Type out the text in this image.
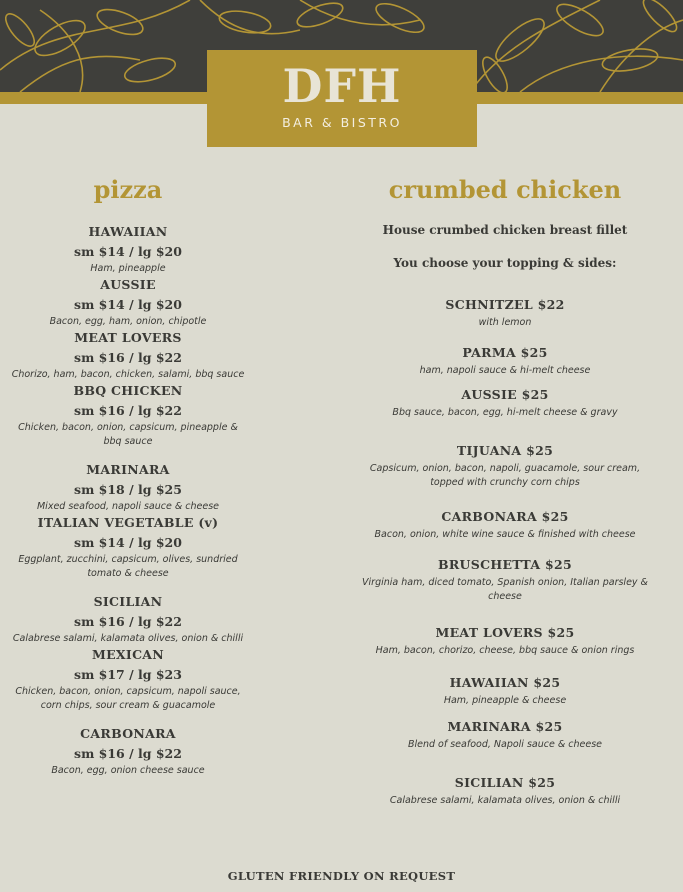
DFH
BAR & BISTRO
pizza

HAWAIIAN

sm $14 / lg $20

Ham, pineapple

AUSSIE

sm $14 / lg $20

Bacon, egg, ham, onion, chipotle

MEAT LOVERS

sm $16 / lg $22

Chorizo, ham, bacon, chicken, salami, bbq sauce

BBQ CHICKEN

sm $16 / lg $22

Chicken, bacon, onion, capsicum, pineapple & bbq sauce

MARINARA

sm $18 / lg $25

Mixed seafood, napoli sauce & cheese

ITALIAN VEGETABLE (v)

sm $14 / lg $20

Eggplant, zucchini, capsicum, olives, sundried tomato & cheese

SICILIAN

sm $16 / lg $22

Calabrese salami, kalamata olives, onion & chilli

MEXICAN

sm $17 / lg $23

Chicken, bacon, onion, capsicum, napoli sauce, corn chips, sour cream & guacamole

CARBONARA

sm $16 / lg $22

Bacon, egg, onion cheese sauce

crumbed chicken

House crumbed chicken breast fillet

You choose your topping & sides:

SCHNITZEL $22

with lemon

PARMA $25

ham, napoli sauce & hi-melt cheese

AUSSIE $25

Bbq sauce, bacon, egg, hi-melt cheese & gravy

TIJUANA $25

Capsicum, onion, bacon, napoli, guacamole, sour cream, topped with crunchy corn chips

CARBONARA $25

Bacon, onion, white wine sauce & finished with cheese

BRUSCHETTA $25

Virginia ham, diced tomato, Spanish onion, Italian parsley & cheese

MEAT LOVERS $25

Ham, bacon, chorizo, cheese, bbq sauce & onion rings

HAWAIIAN $25

Ham, pineapple & cheese

MARINARA $25

Blend of seafood, Napoli sauce & cheese

SICILIAN $25

Calabrese salami, kalamata olives, onion & chilli

GLUTEN FRIENDLY ON REQUEST
